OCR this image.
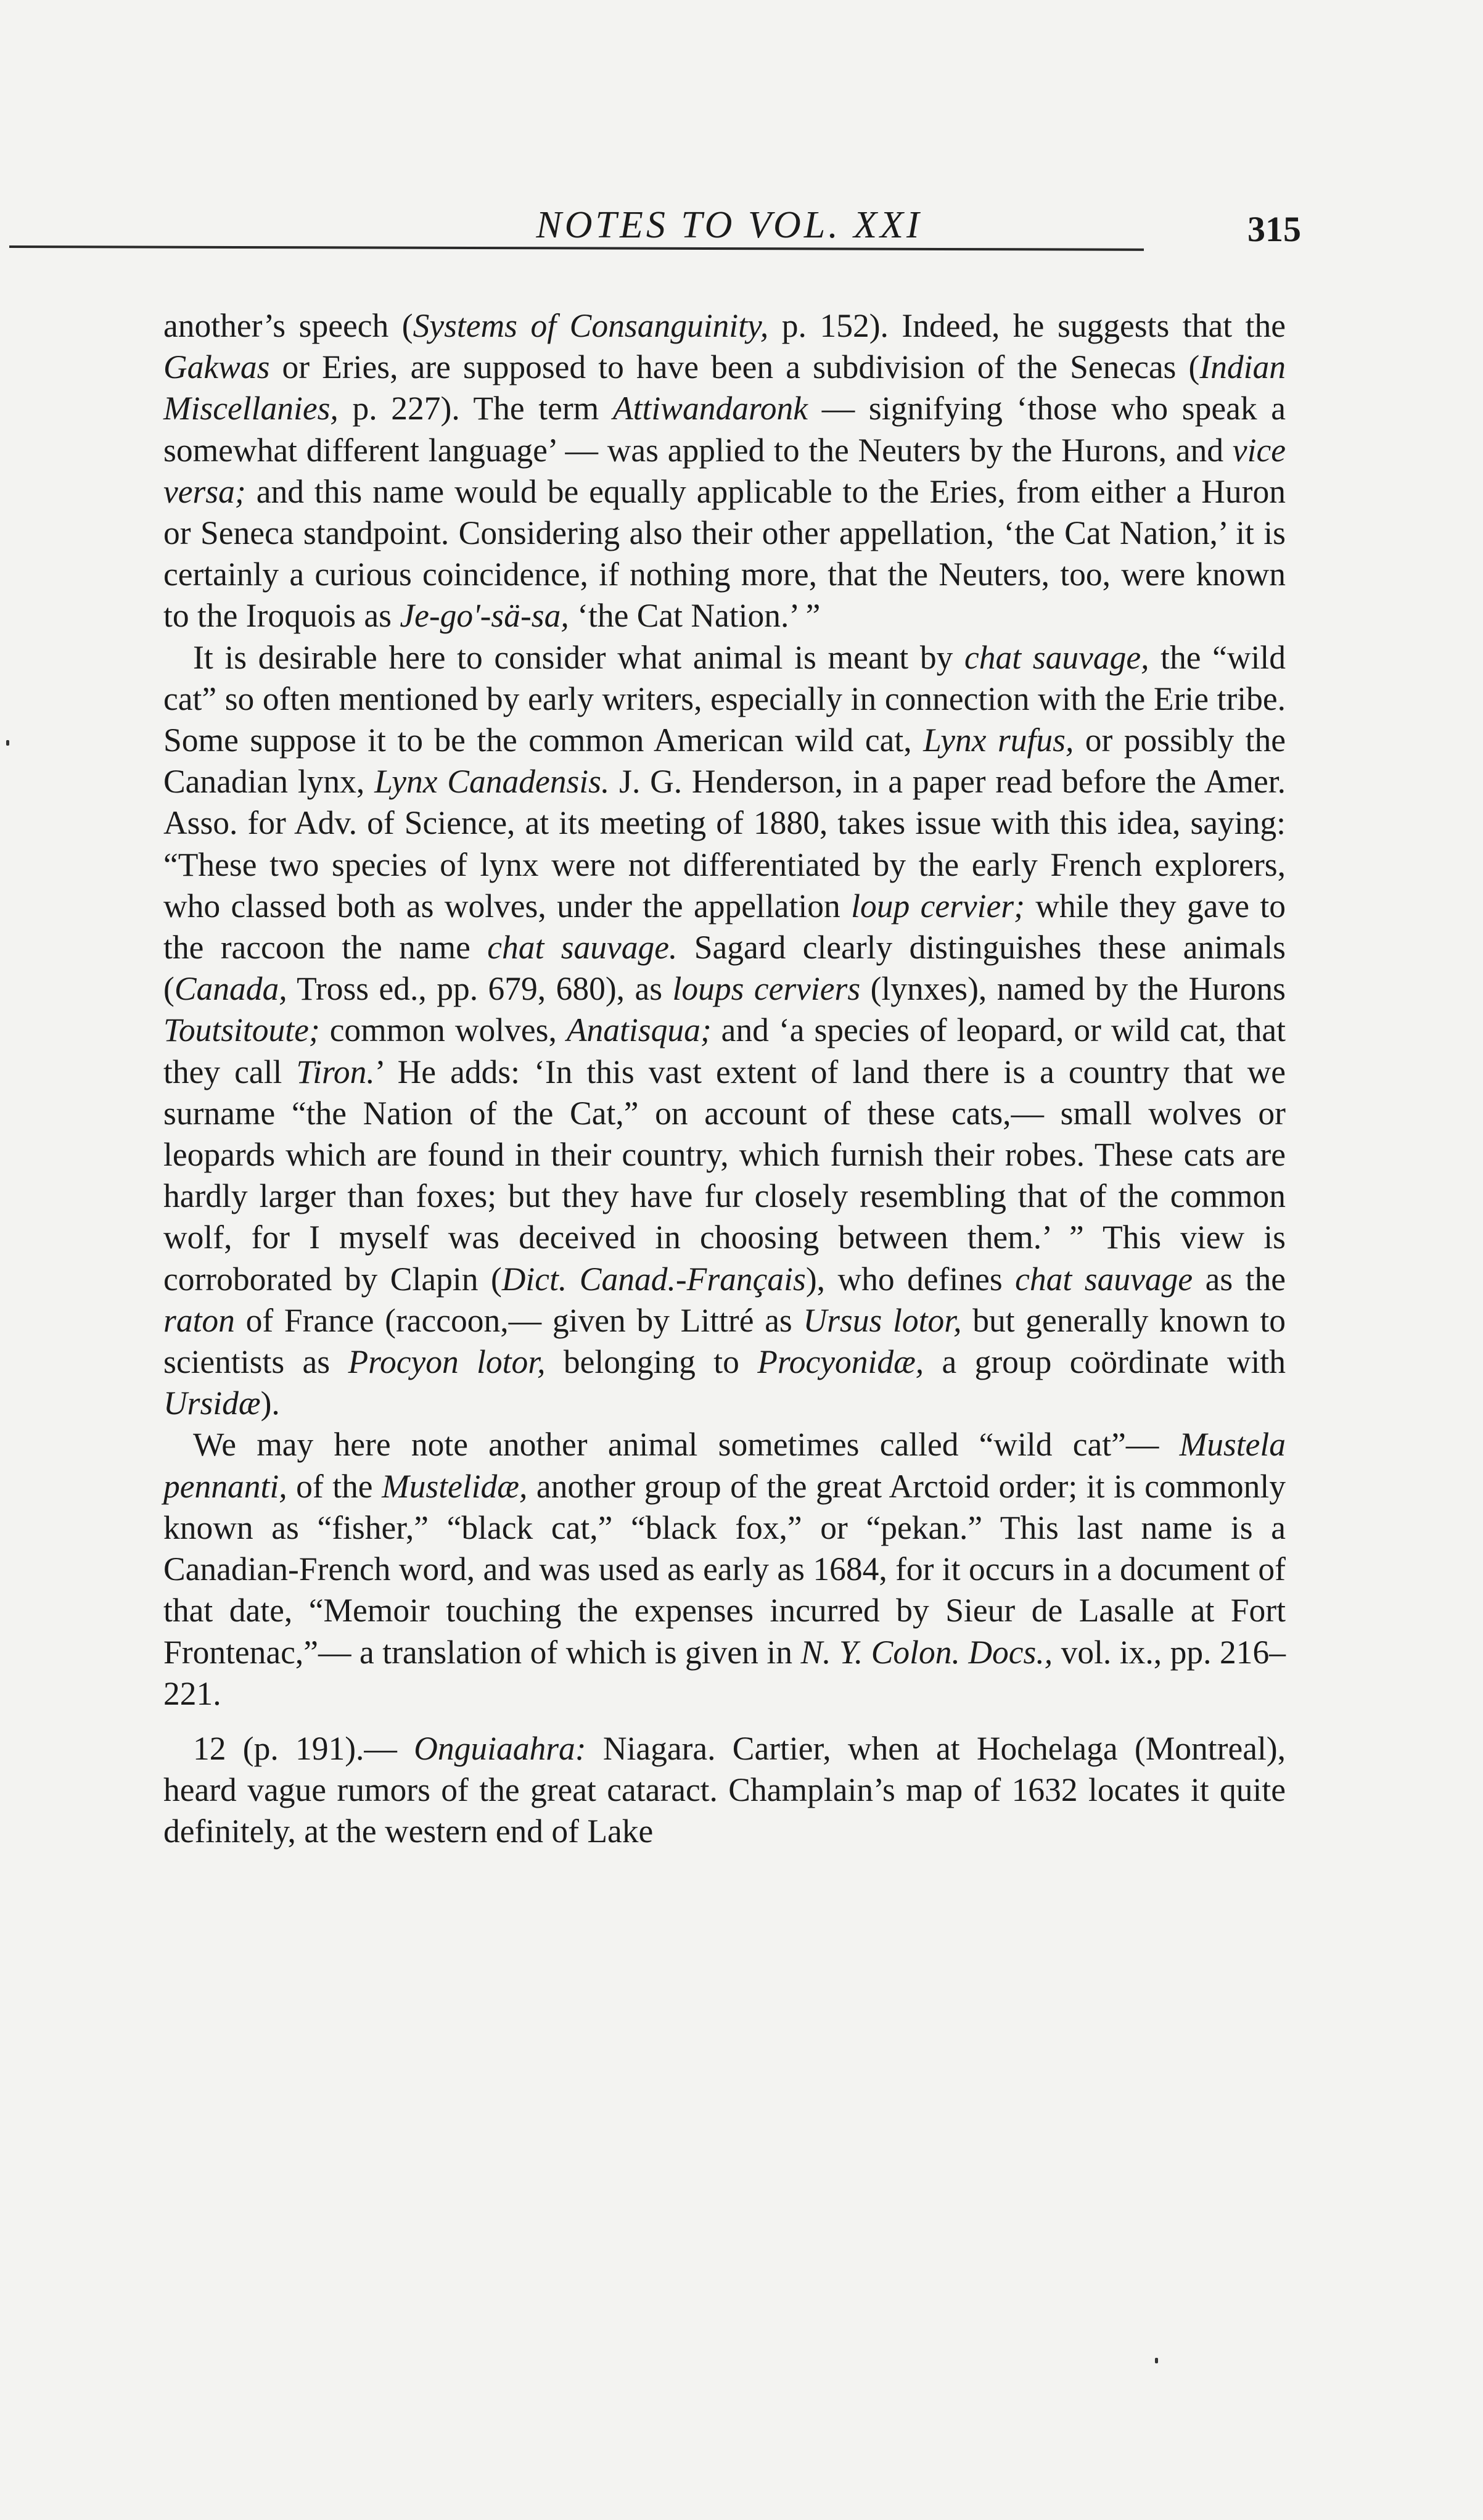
NOTES TO VOL. XXI	315

another’s speech (Systems of Consanguinity, p. 152). Indeed, he suggests that the Gakwas or Eries, are supposed to have been a subdivision of the Senecas (Indian Miscellanies, p. 227). The term Attiwandaronk — signifying ‘those who speak a somewhat different language’ — was applied to the Neuters by the Hurons, and vice versa; and this name would be equally applicable to the Eries, from either a Huron or Seneca standpoint. Considering also their other appellation, ‘the Cat Nation,’ it is certainly a curious coincidence, if nothing more, that the Neuters, too, were known to the Iroquois as Je-go'-sä-sa, ‘the Cat Nation.’ ”

It is desirable here to consider what animal is meant by chat sauvage, the “wild cat” so often mentioned by early writers, especially in connection with the Erie tribe. Some suppose it to be the common American wild cat, Lynx rufus, or possibly the Canadian lynx, Lynx Canadensis. J. G. Henderson, in a paper read before the Amer. Asso. for Adv. of Science, at its meeting of 1880, takes issue with this idea, saying: “These two species of lynx were not differentiated by the early French explorers, who classed both as wolves, under the appellation loup cervier; while they gave to the raccoon the name chat sauvage. Sagard clearly distinguishes these animals (Canada, Tross ed., pp. 679, 680), as loups cerviers (lynxes), named by the Hurons Toutsitoute; common wolves, Anatisqua; and ‘a species of leopard, or wild cat, that they call Tiron.’ He adds: ‘In this vast extent of land there is a country that we surname “the Nation of the Cat,” on account of these cats,— small wolves or leopards which are found in their country, which furnish their robes. These cats are hardly larger than foxes; but they have fur closely resembling that of the common wolf, for I myself was deceived in choosing between them.’ ” This view is corroborated by Clapin (Dict. Canad.-Français), who defines chat sauvage as the raton of France (raccoon,— given by Littré as Ursus lotor, but generally known to scientists as Procyon lotor, belonging to Procyonidæ, a group coördinate with Ursidæ).

We may here note another animal sometimes called “wild cat”— Mustela pennanti, of the Mustelidæ, another group of the great Arctoid order; it is commonly known as “fisher,” “black cat,” “black fox,” or “pekan.” This last name is a Canadian-French word, and was used as early as 1684, for it occurs in a document of that date, “Memoir touching the expenses incurred by Sieur de Lasalle at Fort Frontenac,”— a translation of which is given in N. Y. Colon. Docs., vol. ix., pp. 216–221.

12 (p. 191).— Onguiaahra: Niagara. Cartier, when at Hochelaga (Montreal), heard vague rumors of the great cataract. Champlain’s map of 1632 locates it quite definitely, at the western end of Lake
